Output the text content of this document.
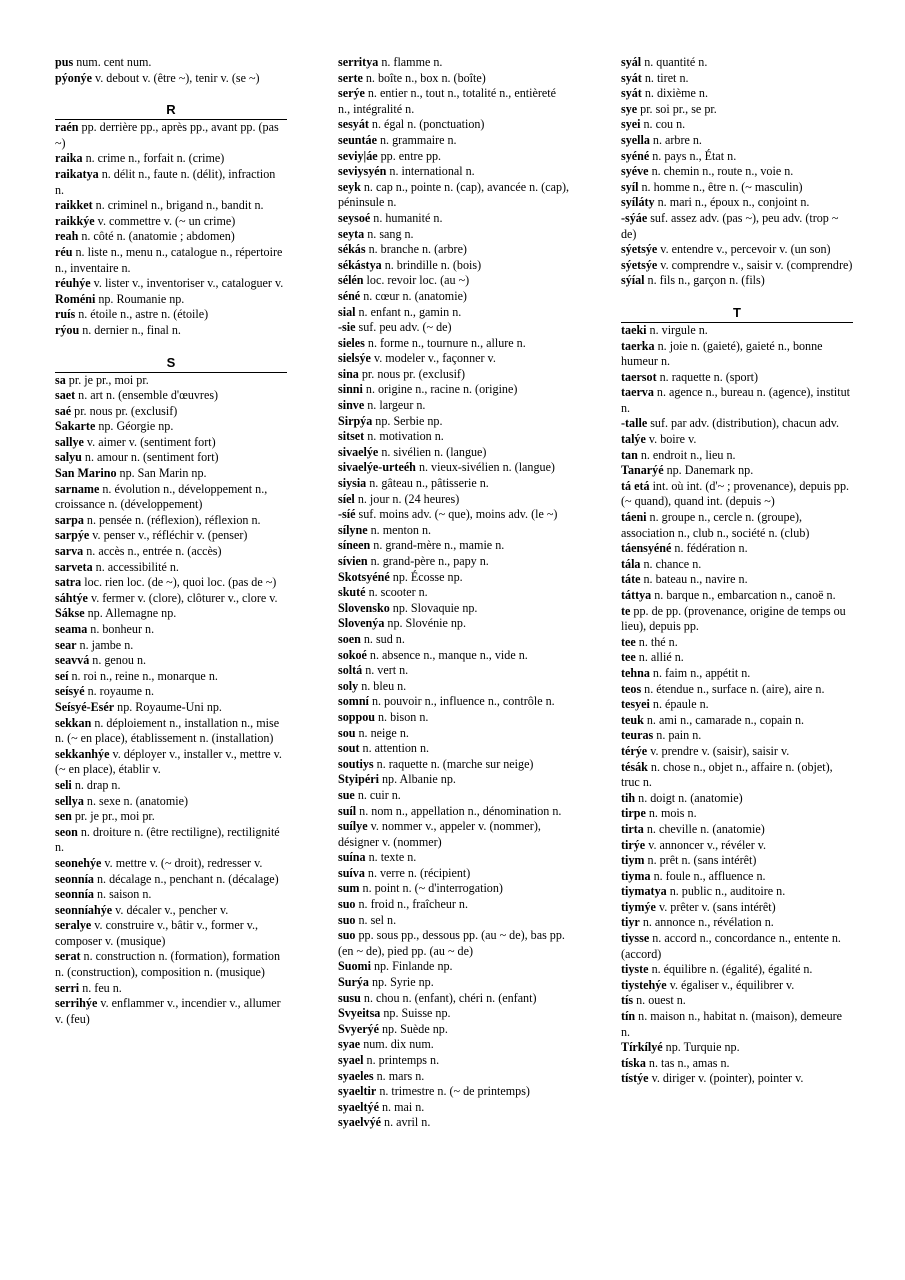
pus num. cent num.
pýonýe v. debout v. (être ~), tenir v. (se ~)
R
raén pp. derrière pp., après pp., avant pp. (pas ~)
raika n. crime n., forfait n. (crime)
raikatya n. délit n., faute n. (délit), infraction n.
raikket n. criminel n., brigand n., bandit n.
raikkýe v. commettre v. (~ un crime)
reah n. côté n. (anatomie ; abdomen)
réu n. liste n., menu n., catalogue n., répertoire n., inventaire n.
réuhýe v. lister v., inventoriser v., cataloguer v.
Roméni np. Roumanie np.
ruís n. étoile n., astre n. (étoile)
rýou n. dernier n., final n.
S
sa pr. je pr., moi pr.
saet n. art n. (ensemble d'œuvres)
saé pr. nous pr. (exclusif)
Sakarte np. Géorgie np.
sallye v. aimer v. (sentiment fort)
salyu n. amour n. (sentiment fort)
San Marino np. San Marin np.
sarname n. évolution n., développement n., croissance n. (développement)
sarpa n. pensée n. (réflexion), réflexion n.
sarpýe v. penser v., réfléchir v. (penser)
sarva n. accès n., entrée n. (accès)
sarveta n. accessibilité n.
satra loc. rien loc. (de ~), quoi loc. (pas de ~)
sáhtýe v. fermer v. (clore), clôturer v., clore v.
Sákse np. Allemagne np.
seama n. bonheur n.
sear n. jambe n.
seavvá n. genou n.
seí n. roi n., reine n., monarque n.
seísyé n. royaume n.
Seísyé-Esér np. Royaume-Uni np.
sekkan n. déploiement n., installation n., mise n. (~ en place), établissement n. (installation)
sekkanhýe v. déployer v., installer v., mettre v. (~ en place), établir v.
seli n. drap n.
sellya n. sexe n. (anatomie)
sen pr. je pr., moi pr.
seon n. droiture n. (être rectiligne), rectilignité n.
seonehýe v. mettre v. (~ droit), redresser v.
seonnía n. décalage n., penchant n. (décalage)
seonnía n. saison n.
seonníahýe v. décaler v., pencher v.
seralye v. construire v., bâtir v., former v., composer v. (musique)
serat n. construction n. (formation), formation n. (construction), composition n. (musique)
serri n. feu n.
serrihýe v. enflammer v., incendier v., allumer v. (feu)
serritya n. flamme n.
serte n. boîte n., box n. (boîte)
serýe n. entier n., tout n., totalité n., entièreté n., intégralité n.
sesyát n. égal n. (ponctuation)
seuntáe n. grammaire n.
seviy|áe pp. entre pp.
seviysyén n. international n.
seyk n. cap n., pointe n. (cap), avancée n. (cap), péninsule n.
seysoé n. humanité n.
seyta n. sang n.
sékás n. branche n. (arbre)
sékástya n. brindille n. (bois)
sélén loc. revoir loc. (au ~)
séné n. cœur n. (anatomie)
sial n. enfant n., gamin n.
-sie suf. peu adv. (~ de)
sieles n. forme n., tournure n., allure n.
sielsýe v. modeler v., façonner v.
sina pr. nous pr. (exclusif)
sinni n. origine n., racine n. (origine)
sinve n. largeur n.
Sirpýa np. Serbie np.
sitset n. motivation n.
sivaelýe n. sivélien n. (langue)
sivaelýe-urteéh n. vieux-sivélien n. (langue)
siysia n. gâteau n., pâtisserie n.
síel n. jour n. (24 heures)
-síé suf. moins adv. (~ que), moins adv. (le ~)
sílyne n. menton n.
síneen n. grand-mère n., mamie n.
sívien n. grand-père n., papy n.
Skotsyéné np. Écosse np.
skuté n. scooter n.
Slovensko np. Slovaquie np.
Slovenýa np. Slovénie np.
soen n. sud n.
sokoé n. absence n., manque n., vide n.
soltá n. vert n.
soly n. bleu n.
somní n. pouvoir n., influence n., contrôle n.
soppou n. bison n.
sou n. neige n.
sout n. attention n.
soutiys n. raquette n. (marche sur neige)
Styipéri np. Albanie np.
sue n. cuir n.
suíl n. nom n., appellation n., dénomination n.
suílye v. nommer v., appeler v. (nommer), désigner v. (nommer)
suína n. texte n.
suíva n. verre n. (récipient)
sum n. point n. (~ d'interrogation)
suo n. froid n., fraîcheur n.
suo n. sel n.
suo pp. sous pp., dessous pp. (au ~ de), bas pp. (en ~ de), pied pp. (au ~ de)
Suomi np. Finlande np.
Surýa np. Syrie np.
susu n. chou n. (enfant), chéri n. (enfant)
Svyeitsa np. Suisse np.
Svyerýé np. Suède np.
syae num. dix num.
syael n. printemps n.
syaeles n. mars n.
syaeltir n. trimestre n. (~ de printemps)
syaeltýé n. mai n.
syaelvýé n. avril n.
syál n. quantité n.
syát n. tiret n.
syát n. dixième n.
sye pr. soi pr., se pr.
syei n. cou n.
syella n. arbre n.
syéné n. pays n., État n.
syéve n. chemin n., route n., voie n.
syíl n. homme n., être n. (~ masculin)
syíláty n. mari n., époux n., conjoint n.
-sýáe suf. assez adv. (pas ~), peu adv. (trop ~ de)
sýetsýe v. entendre v., percevoir v. (un son)
sýetsýe v. comprendre v., saisir v. (comprendre)
sýíal n. fils n., garçon n. (fils)
T
taeki n. virgule n.
taerka n. joie n. (gaieté), gaieté n., bonne humeur n.
taersot n. raquette n. (sport)
taerva n. agence n., bureau n. (agence), institut n.
-talle suf. par adv. (distribution), chacun adv.
talýe v. boire v.
tan n. endroit n., lieu n.
Tanarýé np. Danemark np.
tá etá int. où int. (d'~ ; provenance), depuis pp. (~ quand), quand int. (depuis ~)
táeni n. groupe n., cercle n. (groupe), association n., club n., société n. (club)
táensyéné n. fédération n.
tála n. chance n.
táte n. bateau n., navire n.
táttya n. barque n., embarcation n., canoë n.
te pp. de pp. (provenance, origine de temps ou lieu), depuis pp.
tee n. thé n.
tee n. allié n.
tehna n. faim n., appétit n.
teos n. étendue n., surface n. (aire), aire n.
tesyei n. épaule n.
teuk n. ami n., camarade n., copain n.
teuras n. pain n.
térýe v. prendre v. (saisir), saisir v.
tésák n. chose n., objet n., affaire n. (objet), truc n.
tih n. doigt n. (anatomie)
tirpe n. mois n.
tirta n. cheville n. (anatomie)
tirýe v. annoncer v., révéler v.
tiym n. prêt n. (sans intérêt)
tiyma n. foule n., affluence n.
tiymatya n. public n., auditoire n.
tiymýe v. prêter v. (sans intérêt)
tiyr n. annonce n., révélation n.
tiysse n. accord n., concordance n., entente n. (accord)
tiyste n. équilibre n. (égalité), égalité n.
tiystehýe v. égaliser v., équilibrer v.
tís n. ouest n.
tín n. maison n., habitat n. (maison), demeure n.
Tírkílyé np. Turquie np.
tíska n. tas n., amas n.
tístýe v. diriger v. (pointer), pointer v.
